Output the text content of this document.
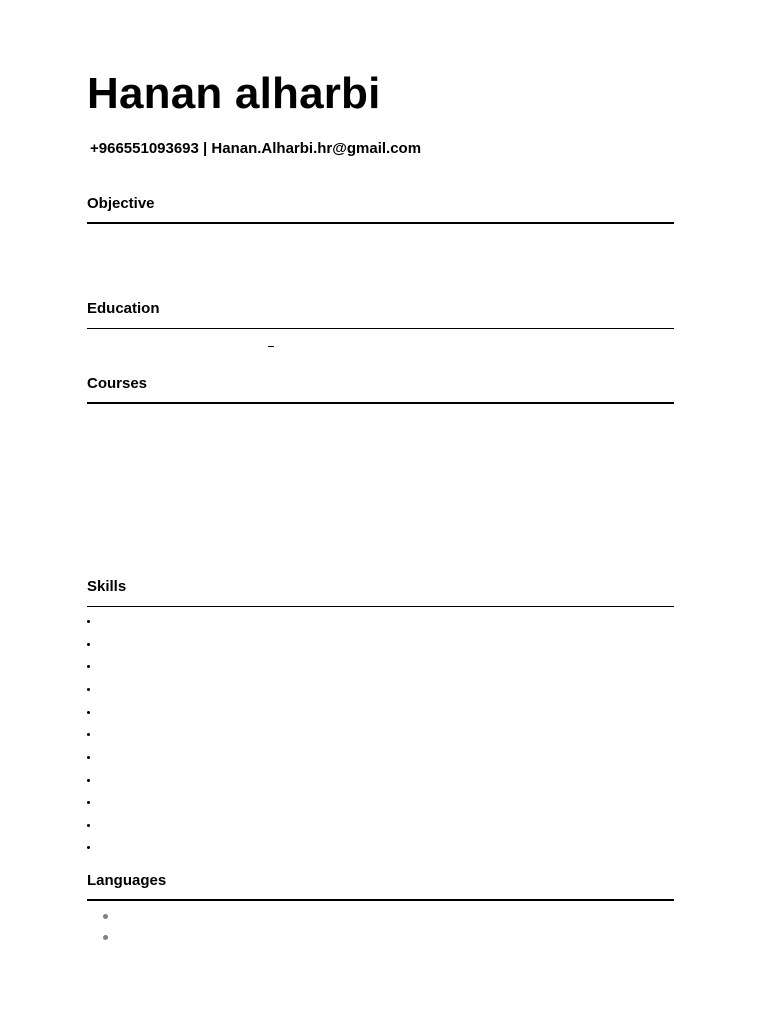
Hanan alharbi
+966551093693 | Hanan.Alharbi.hr@gmail.com
Objective
Education
Courses
Skills
Languages
